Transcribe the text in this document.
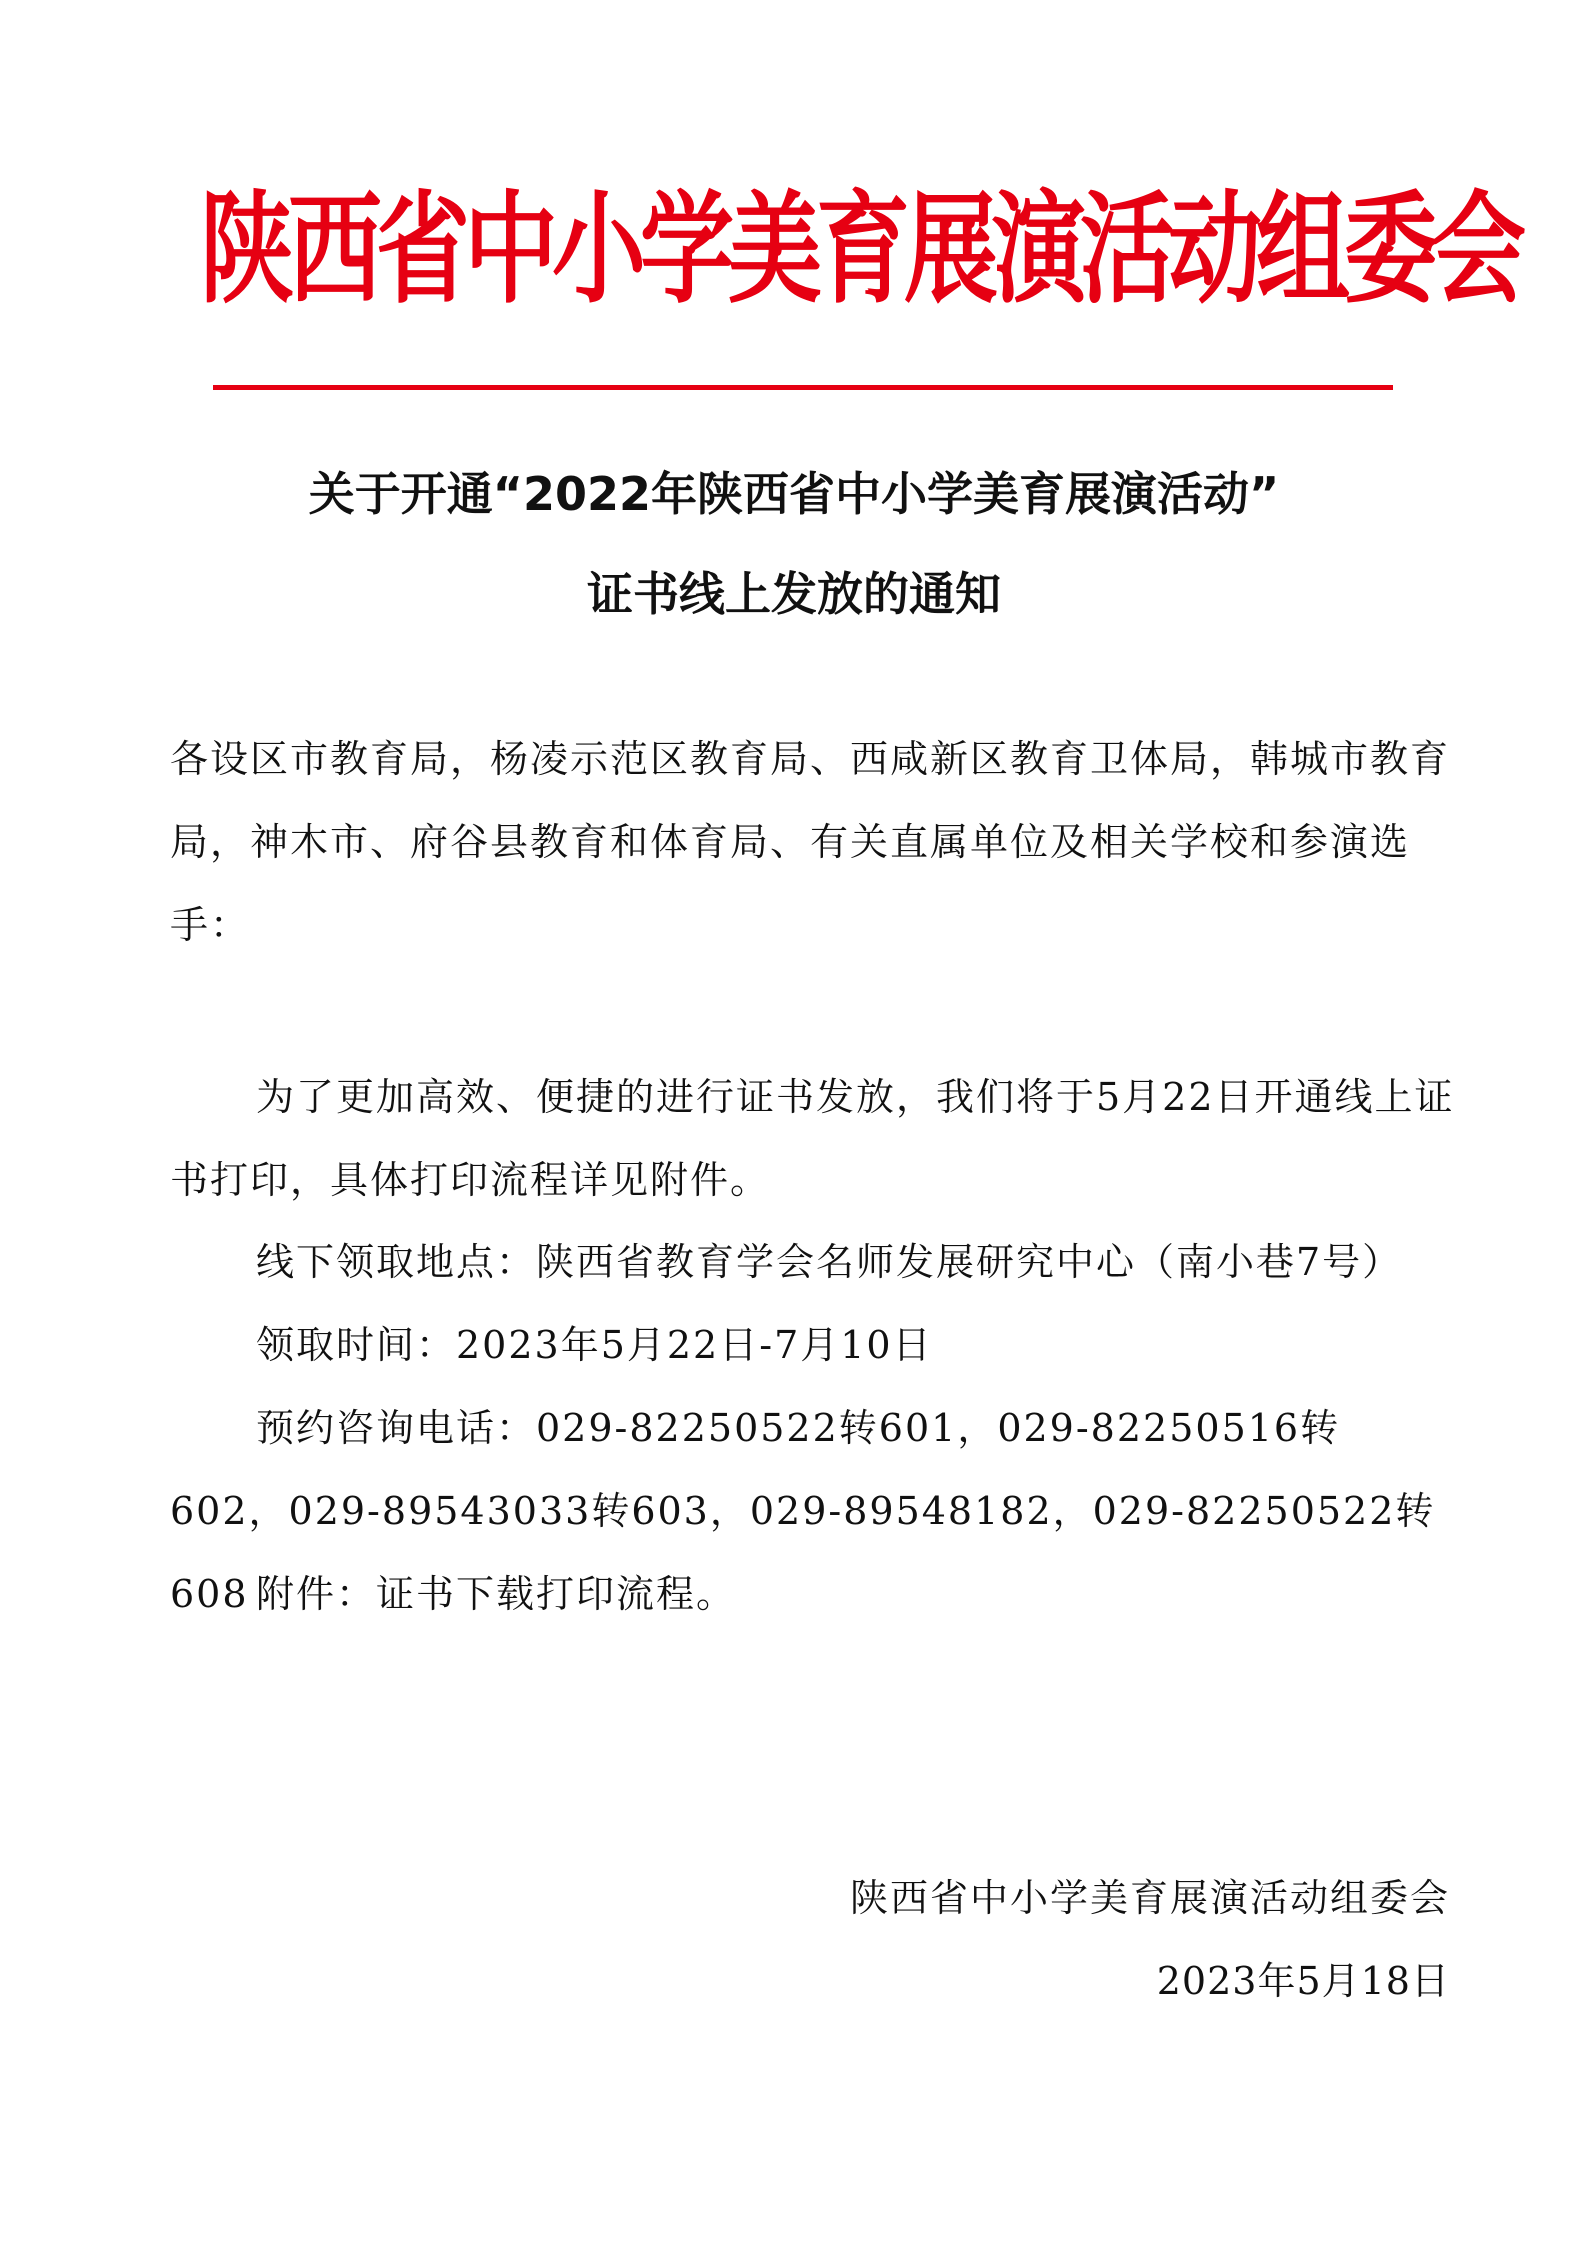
陕西省中小学美育展演活动组委会
关于开通“2022年陕西省中小学美育展演活动”
证书线上发放的通知
各设区市教育局，杨凌示范区教育局、西咸新区教育卫体局，韩城市教育局，神木市、府谷县教育和体育局、有关直属单位及相关学校和参演选手：
为了更加高效、便捷的进行证书发放，我们将于5月22日开通线上证书打印，具体打印流程详见附件。
线下领取地点：陕西省教育学会名师发展研究中心（南小巷7号）
领取时间：2023年5月22日-7月10日
预约咨询电话：029-82250522转601，029-82250516转602，029-89543033转603，029-89548182，029-82250522转608 附件：证书下载打印流程。
陕西省中小学美育展演活动组委会
2023年5月18日
